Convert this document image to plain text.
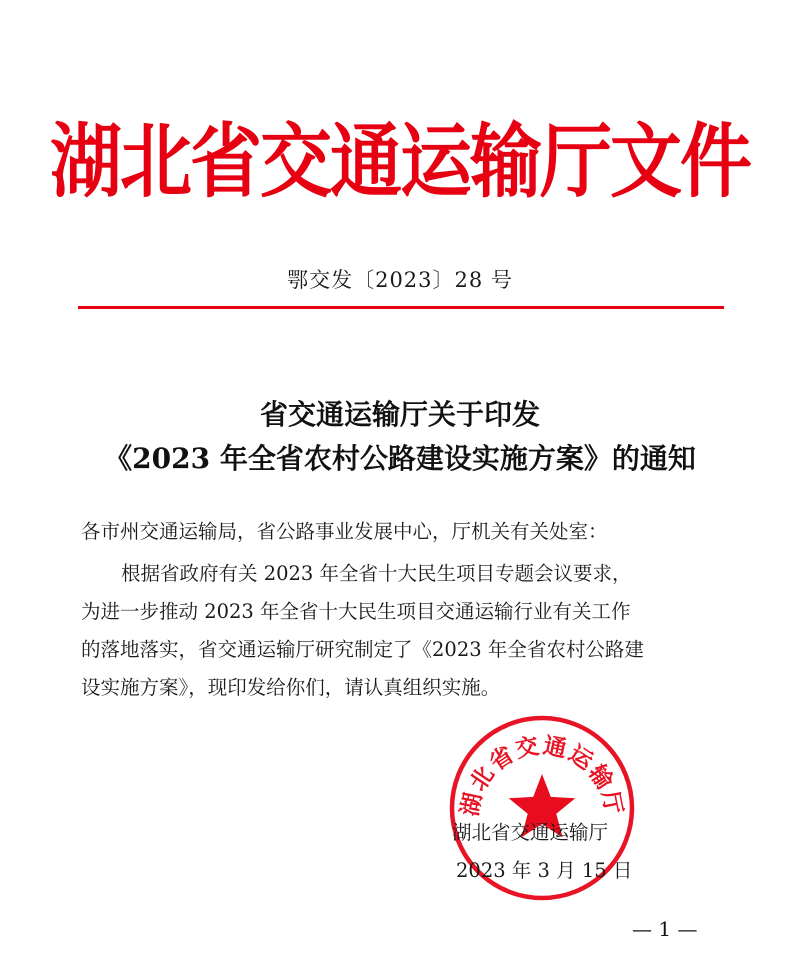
湖北省交通运输厅文件
鄂交发〔2023〕28 号
省交通运输厅关于印发
《2023 年全省农村公路建设实施方案》的通知
各市州交通运输局，省公路事业发展中心，厅机关有关处室：
根据省政府有关 2023 年全省十大民生项目专题会议要求，
为进一步推动 2023 年全省十大民生项目交通运输行业有关工作
的落地落实，省交通运输厅研究制定了《2023 年全省农村公路建
设实施方案》，现印发给你们，请认真组织实施。
湖北省交通运输厅
湖北省交通运输厅
2023 年 3 月 15 日
— 1 —
